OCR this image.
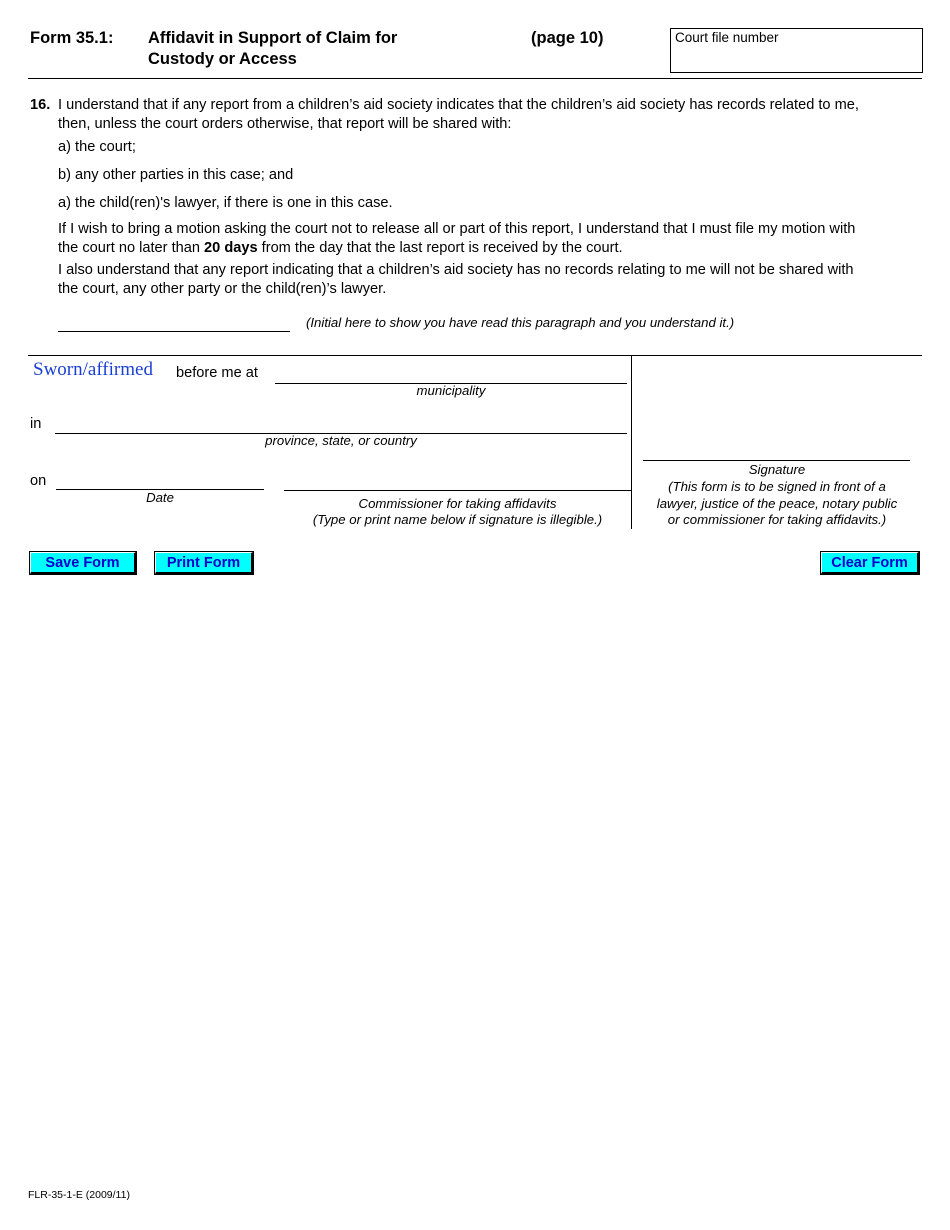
Form 35.1: Affidavit in Support of Claim for
Custody or Access
(page 10)	Court file number
16. I understand that if any report from a children’s aid society indicates that the children’s aid society has records related to me,
then, unless the court orders otherwise, that report will be shared with:
a) the court;
b) any other parties in this case; and
a) the child(ren)'s lawyer, if there is one in this case.
If I wish to bring a motion asking the court not to release all or part of this report, I understand that I must file my motion with
the court no later than 20 days from the day that the last report is received by the court.
I also understand that any report indicating that a children’s aid society has no records relating to me will not be shared with
the court, any other party or the child(ren)’s lawyer.
(Initial here to show you have read this paragraph and you understand it.)
Sworn/affirmed before me at
municipality
in
province, state, or country
on
Date	Commissioner for taking affidavits
(Type or print name below if signature is illegible.)
Signature
(This form is to be signed in front of a
lawyer, justice of the peace, notary public
or commissioner for taking affidavits.)
Save Form	Print Form	Clear Form
FLR-35-1-E (2009/11)
